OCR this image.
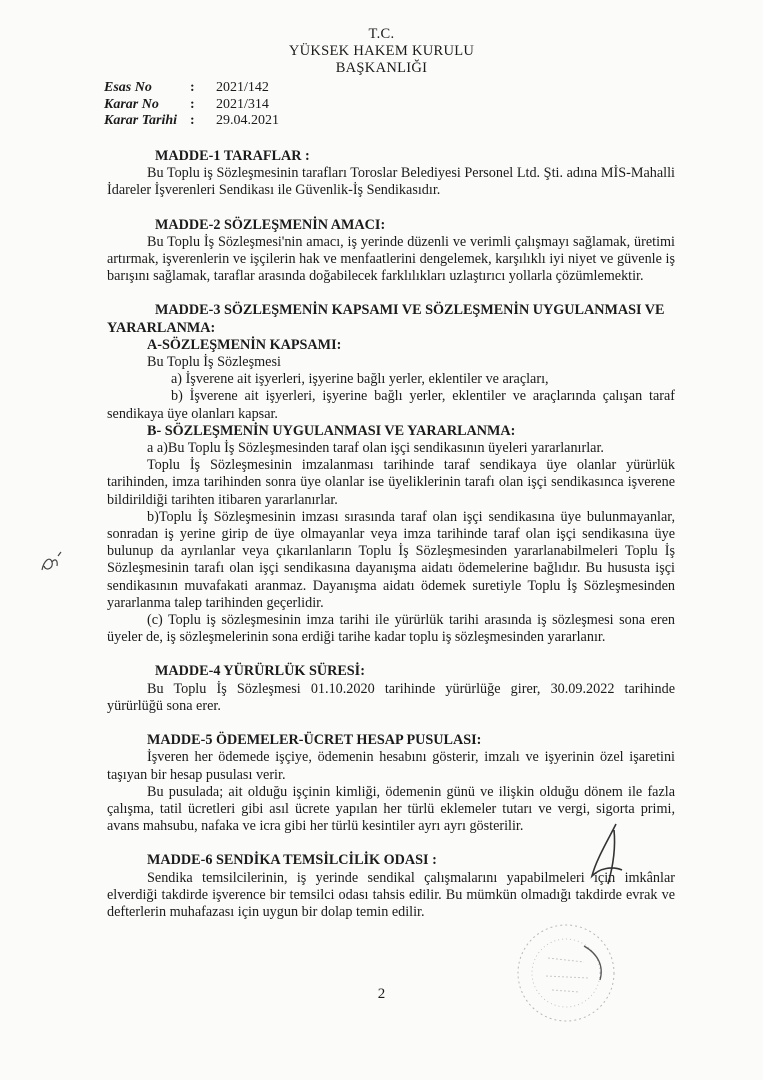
T.C.
YÜKSEK HAKEM KURULU
BAŞKANLIĞI
Esas No	:	2021/142
Karar No	:	2021/314
Karar Tarihi :	29.04.2021
MADDE-1 TARAFLAR :

Bu Toplu iş Sözleşmesinin tarafları Toroslar Belediyesi Personel Ltd. Şti. adına MİS-Mahalli İdareler İşverenleri Sendikası ile Güvenlik-İş Sendikasıdır.

MADDE-2 SÖZLEŞMENİN AMACI:

Bu Toplu İş Sözleşmesi'nin amacı, iş yerinde düzenli ve verimli çalışmayı sağlamak, üretimi artırmak, işverenlerin ve işçilerin hak ve menfaatlerini dengelemek, karşılıklı iyi niyet ve güvenle iş barışını sağlamak, taraflar arasında doğabilecek farklılıkları uzlaştırıcı yollarla çözümlemektir.

MADDE-3 SÖZLEŞMENİN KAPSAMI VE SÖZLEŞMENİN UYGULANMASI VE YARARLANMA:
A-SÖZLEŞMENİN KAPSAMI:
Bu Toplu İş Sözleşmesi
a) İşverene ait işyerleri, işyerine bağlı yerler, eklentiler ve araçları,

b) İşverene ait işyerleri, işyerine bağlı yerler, eklentiler ve araçlarında çalışan taraf sendikaya üye olanları kapsar.

B- SÖZLEŞMENİN UYGULANMASI VE YARARLANMA:

a a)Bu Toplu İş Sözleşmesinden taraf olan işçi sendikasının üyeleri yararlanırlar.

Toplu İş Sözleşmesinin imzalanması tarihinde taraf sendikaya üye olanlar yürürlük tarihinden, imza tarihinden sonra üye olanlar ise üyeliklerinin tarafı olan işçi sendikasınca işverene bildirildiği tarihten itibaren yararlanırlar.

b)Toplu İş Sözleşmesinin imzası sırasında taraf olan işçi sendikasına üye bulunmayanlar, sonradan iş yerine girip de üye olmayanlar veya imza tarihinde taraf olan işçi sendikasına üye bulunup da ayrılanlar veya çıkarılanların Toplu İş Sözleşmesinden yararlanabilmeleri Toplu İş Sözleşmesinin tarafı olan işçi sendikasına dayanışma aidatı ödemelerine bağlıdır. Bu hususta işçi sendikasının muvafakati aranmaz. Dayanışma aidatı ödemek suretiyle Toplu İş Sözleşmesinden yararlanma talep tarihinden geçerlidir.

(c) Toplu iş sözleşmesinin imza tarihi ile yürürlük tarihi arasında iş sözleşmesi sona eren üyeler de, iş sözleşmelerinin sona erdiği tarihe kadar toplu iş sözleşmesinden yararlanır.

MADDE-4 YÜRÜRLÜK SÜRESİ:

Bu Toplu İş Sözleşmesi 01.10.2020 tarihinde yürürlüğe girer, 30.09.2022 tarihinde yürürlüğü sona erer.

MADDE-5 ÖDEMELER-ÜCRET HESAP PUSULASI:

İşveren her ödemede işçiye, ödemenin hesabını gösterir, imzalı ve işyerinin özel işaretini taşıyan bir hesap pusulası verir.

Bu pusulada; ait olduğu işçinin kimliği, ödemenin günü ve ilişkin olduğu dönem ile fazla çalışma, tatil ücretleri gibi asıl ücrete yapılan her türlü eklemeler tutarı ve vergi, sigorta primi, avans mahsubu, nafaka ve icra gibi her türlü kesintiler ayrı ayrı gösterilir.

MADDE-6 SENDİKA TEMSİLCİLİK ODASI :

Sendika temsilcilerinin, iş yerinde sendikal çalışmalarını yapabilmeleri için imkânlar elverdiği takdirde işverence bir temsilci odası tahsis edilir. Bu mümkün olmadığı takdirde evrak ve defterlerin muhafazası için uygun bir dolap temin edilir.

2
